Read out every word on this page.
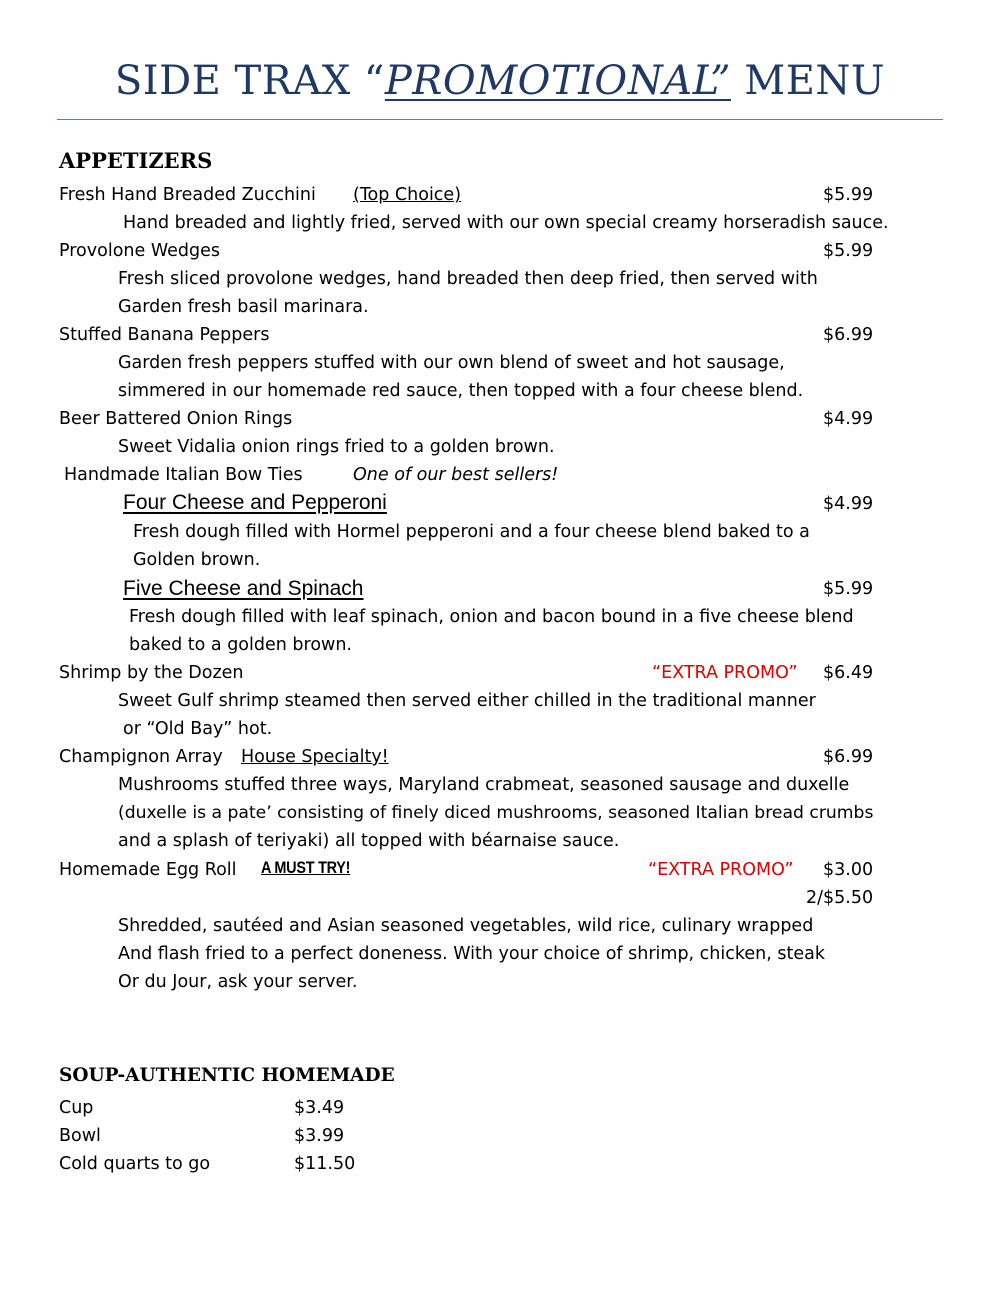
SIDE TRAX “PROMOTIONAL” MENU
APPETIZERS
Fresh Hand Breaded Zucchini (Top Choice)	$5.99
Hand breaded and lightly fried, served with our own special creamy horseradish sauce.
Provolone Wedges	$5.99
Fresh sliced provolone wedges, hand breaded then deep fried, then served with
Garden fresh basil marinara.
Stuffed Banana Peppers	$6.99
Garden fresh peppers stuffed with our own blend of sweet and hot sausage,
simmered in our homemade red sauce, then topped with a four cheese blend.
Beer Battered Onion Rings	$4.99
Sweet Vidalia onion rings fried to a golden brown.
Handmade Italian Bow Ties	One of our best sellers!
Four Cheese and Pepperoni	$4.99
Fresh dough filled with Hormel pepperoni and a four cheese blend baked to a
Golden brown.
Five Cheese and Spinach	$5.99
Fresh dough filled with leaf spinach, onion and bacon bound in a five cheese blend
baked to a golden brown.
Shrimp by the Dozen	“EXTRA PROMO” $6.49
Sweet Gulf shrimp steamed then served either chilled in the traditional manner
or “Old Bay” hot.
Champignon Array House Specialty!	$6.99
Mushrooms stuffed three ways, Maryland crabmeat, seasoned sausage and duxelle
(duxelle is a pate’ consisting of finely diced mushrooms, seasoned Italian bread crumbs
and a splash of teriyaki) all topped with béarnaise sauce.
Homemade Egg Roll A MUST TRY!	“EXTRA PROMO” $3.00
2/$5.50
Shredded, sautéed and Asian seasoned vegetables, wild rice, culinary wrapped
And flash fried to a perfect doneness. With your choice of shrimp, chicken, steak
Or du Jour, ask your server.
SOUP-AUTHENTIC HOMEMADE
Cup	$3.49
Bowl	$3.99
Cold quarts to go	$11.50
